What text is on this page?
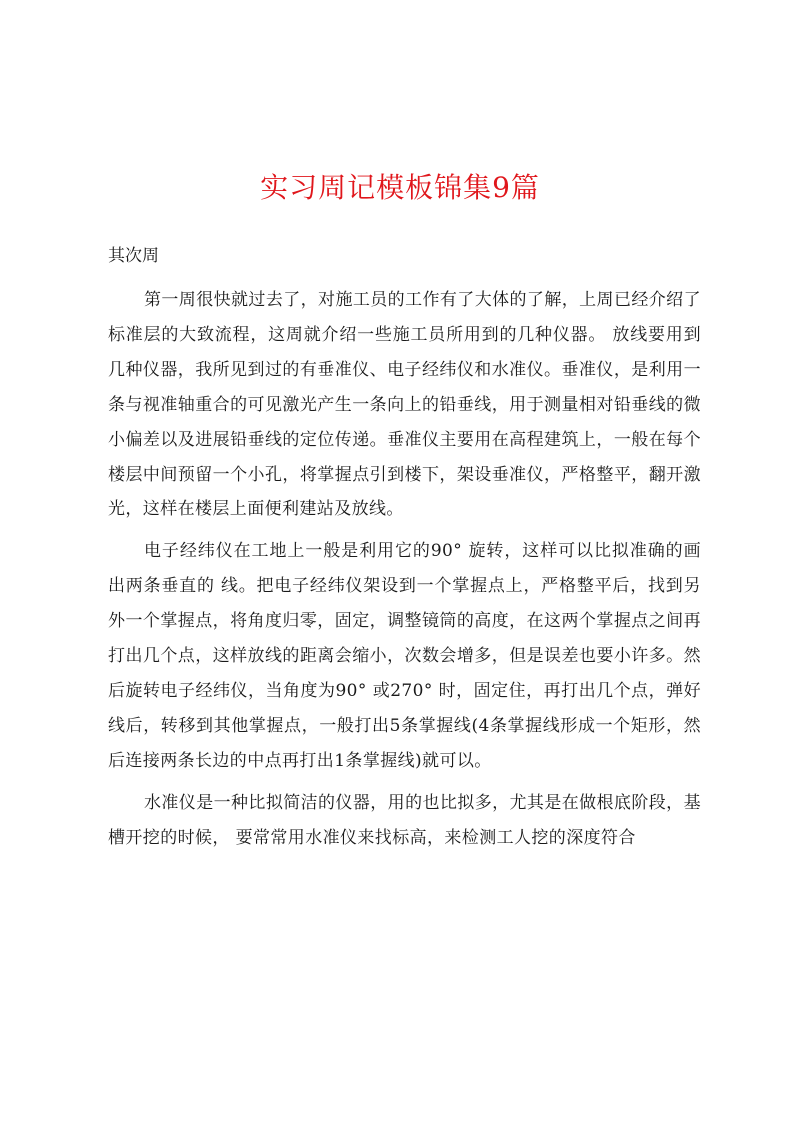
实习周记模板锦集9篇

其次周

第一周很快就过去了，对施工员的工作有了大体的了解，上周已经介绍了标准层的大致流程，这周就介绍一些施工员所用到的几种仪器。 放线要用到几种仪器，我所见到过的有垂准仪、电子经纬仪和水准仪。垂准仪，是利用一条与视准轴重合的可见激光产生一条向上的铅垂线，用于测量相对铅垂线的微小偏差以及进展铅垂线的定位传递。垂准仪主要用在高程建筑上，一般在每个楼层中间预留一个小孔，将掌握点引到楼下，架设垂准仪，严格整平，翻开激光，这样在楼层上面便利建站及放线。

电子经纬仪在工地上一般是利用它的90° 旋转，这样可以比拟准确的画出两条垂直的 线。把电子经纬仪架设到一个掌握点上，严格整平后，找到另外一个掌握点，将角度归零，固定，调整镜筒的高度，在这两个掌握点之间再打出几个点，这样放线的距离会缩小，次数会增多，但是误差也要小许多。然后旋转电子经纬仪，当角度为90° 或270° 时，固定住，再打出几个点，弹好线后，转移到其他掌握点，一般打出5条掌握线(4条掌握线形成一个矩形，然后连接两条长边的中点再打出1条掌握线)就可以。

水准仪是一种比拟简洁的仪器，用的也比拟多，尤其是在做根底阶段，基槽开挖的时候， 要常常用水准仪来找标高，来检测工人挖的深度符合
